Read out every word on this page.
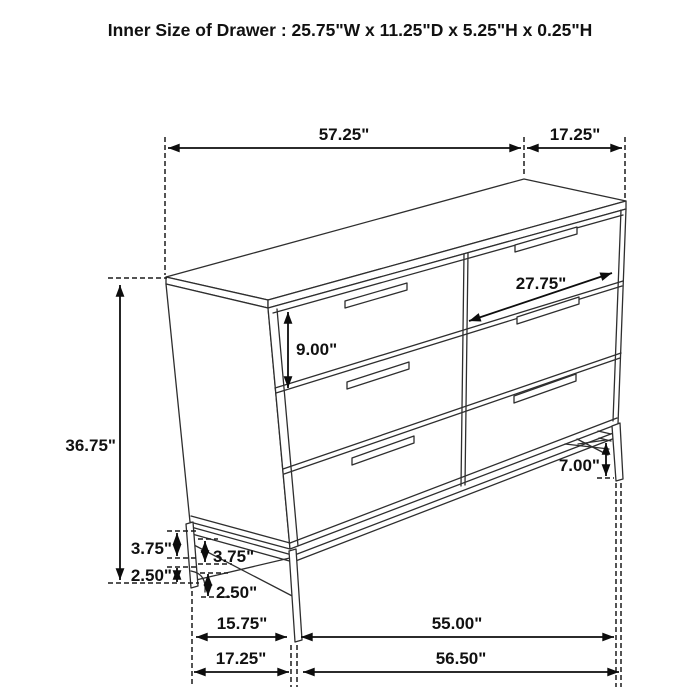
Inner Size of Drawer : 25.75"W x 11.25"D x 5.25"H x 0.25"H
57.25"	17.25"
36.75"
9.00"
27.75"
7.00"
3.75"
2.50"
3.75"
2.50"
15.75"	55.00"
17.25"	56.50"
